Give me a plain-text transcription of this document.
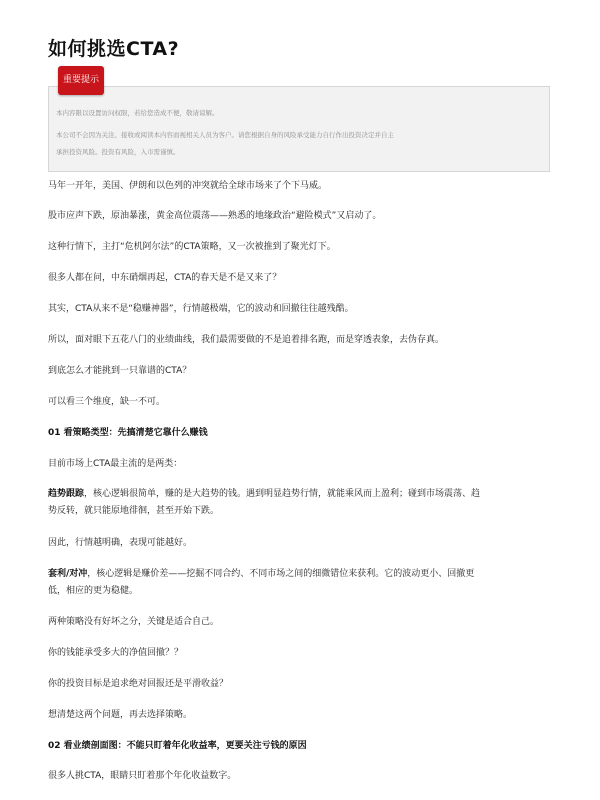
如何挑选CTA?
重要提示
本内容限以设置访问权限，若给您造成不便，敬请谅解。
本公司不会因为关注、接收或阅读本内容而视相关人员为客户。请您根据自身的风险承受能力自行作出投资决定并自主
承担投资风险。投资有风险，入市需谨慎。

马年一开年，美国、伊朗和以色列的冲突就给全球市场来了个下马威。

股市应声下跌，原油暴涨，黄金高位震荡——熟悉的地缘政治“避险模式”又启动了。

这种行情下，主打“危机阿尔法”的CTA策略，又一次被推到了聚光灯下。

很多人都在问，中东硝烟再起，CTA的春天是不是又来了？

其实，CTA从来不是“稳赚神器”，行情越极端，它的波动和回撤往往越残酷。

所以，面对眼下五花八门的业绩曲线，我们最需要做的不是追着排名跑，而是穿透表象，去伪存真。

到底怎么才能挑到一只靠谱的CTA？

可以看三个维度，缺一不可。

01 看策略类型：先搞清楚它靠什么赚钱

目前市场上CTA最主流的是两类：

趋势跟踪，核心逻辑很简单，赚的是大趋势的钱。遇到明显趋势行情，就能乘风而上盈利；碰到市场震荡、趋
势反转，就只能原地徘徊，甚至开始下跌。

因此，行情越明确，表现可能越好。

套利/对冲，核心逻辑是赚价差——挖掘不同合约、不同市场之间的细微错位来获利。它的波动更小、回撤更
低，相应的更为稳健。

两种策略没有好坏之分，关键是适合自己。

你的钱能承受多大的净值回撤？？

你的投资目标是追求绝对回报还是平滑收益？

想清楚这两个问题，再去选择策略。

02 看业绩剖面图：不能只盯着年化收益率，更要关注亏钱的原因

很多人挑CTA，眼睛只盯着那个年化收益数字。
